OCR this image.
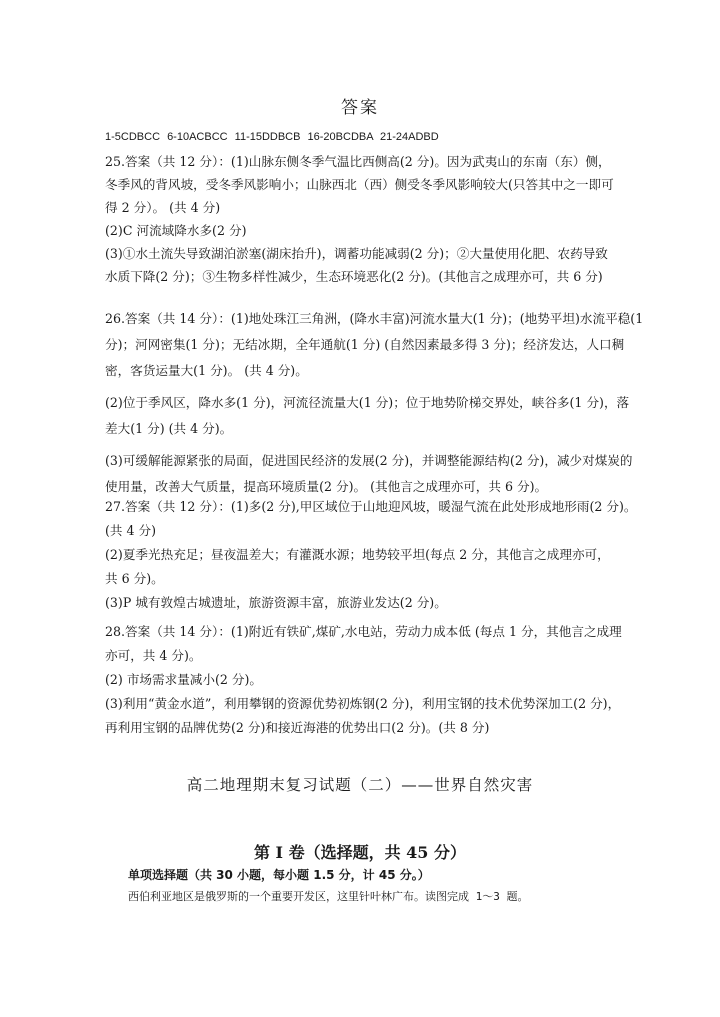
答案
1-5CDBCC 6-10ACBCC 11-15DDBCB 16-20BCDBA 21-24ADBD

25.答案（共 12 分）：(1)山脉东侧冬季气温比西侧高(2 分)。因为武夷山的东南（东）侧，

冬季风的背风坡，受冬季风影响小；山脉西北（西）侧受冬季风影响较大(只答其中之一即可

得 2 分）。 (共 4 分)

(2)C 河流域降水多(2 分)

(3)①水土流失导致湖泊淤塞(湖床抬升)，调蓄功能减弱(2 分)；②大量使用化肥、农药导致

水质下降(2 分)；③生物多样性减少，生态环境恶化(2 分)。(其他言之成理亦可，共 6 分)

26.答案（共 14 分）：(1)地处珠江三角洲，(降水丰富)河流水量大(1 分)；(地势平坦)水流平稳(1

分)；河网密集(1 分)；无结冰期，全年通航(1 分) (自然因素最多得 3 分)；经济发达，人口稠

密，客货运量大(1 分)。 (共 4 分)。

(2)位于季风区，降水多(1 分)，河流径流量大(1 分)；位于地势阶梯交界处，峡谷多(1 分)，落

差大(1 分) (共 4 分)。

(3)可缓解能源紧张的局面，促进国民经济的发展(2 分)，并调整能源结构(2 分)，减少对煤炭的

使用量，改善大气质量，提高环境质量(2 分)。 (其他言之成理亦可，共 6 分)。

27.答案（共 12 分）：(1)多(2 分),甲区域位于山地迎风坡，暖湿气流在此处形成地形雨(2 分)。

(共 4 分)

(2)夏季光热充足；昼夜温差大；有灌溉水源；地势较平坦(每点 2 分，其他言之成理亦可，

共 6 分)。

(3)P 城有敦煌古城遗址，旅游资源丰富，旅游业发达(2 分)。

28.答案（共 14 分）：(1)附近有铁矿,煤矿,水电站，劳动力成本低 (每点 1 分，其他言之成理

亦可，共 4 分)。

(2) 市场需求量减小(2 分)。

(3)利用“黄金水道”，利用攀钢的资源优势初炼钢(2 分)，利用宝钢的技术优势深加工(2 分)，

再利用宝钢的品牌优势(2 分)和接近海港的优势出口(2 分)。(共 8 分)

高二地理期末复习试题（二）——世界自然灾害
第 I 卷（选择题，共 45 分）
单项选择题（共 30 小题，每小题 1.5 分，计 45 分。）
西伯利亚地区是俄罗斯的一个重要开发区，这里针叶林广布。读图完成 1～3 题。
